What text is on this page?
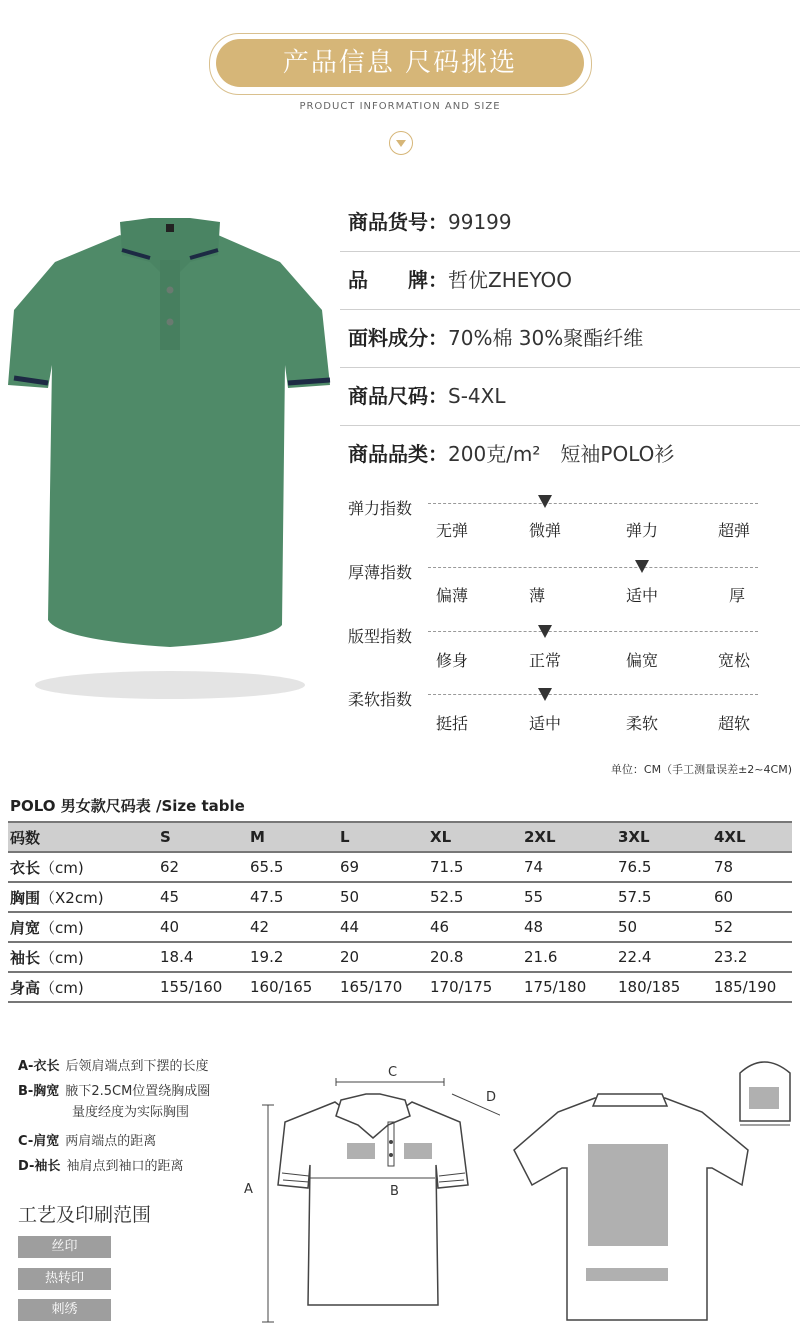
产品信息 尺码挑选
PRODUCT INFORMATION AND SIZE
商品货号：99199
品　　牌：哲优ZHEYOO
面料成分：70%棉 30%聚酯纤维
商品尺码：S-4XL
商品品类：200克/m²　短袖POLO衫
弹力指数
无弹	微弹	弹力	超弹
厚薄指数
偏薄	薄	适中	厚
版型指数
修身	正常	偏宽	宽松
柔软指数
挺括	适中	柔软	超软
单位：CM（手工测量误差±2~4CM)
POLO 男女款尺码表 /Size table
码数	S	M	L	XL	2XL	3XL	4XL
衣长（cm)	62	65.5	69	71.5	74	76.5	78
胸围（X2cm)	45	47.5	50	52.5	55	57.5	60
肩宽（cm)	40	42	44	46	48	50	52
袖长（cm)	18.4	19.2	20	20.8	21.6	22.4	23.2
身高（cm)	155/160	160/165	165/170	170/175	175/180	180/185	185/190
A-衣长 后领肩端点到下摆的长度
B-胸宽 腋下2.5CM位置绕胸成圈
量度经度为实际胸围
C-肩宽 两肩端点的距离
D-袖长 袖肩点到袖口的距离
工艺及印刷范围
丝印
热转印
刺绣
C
D
B
A
